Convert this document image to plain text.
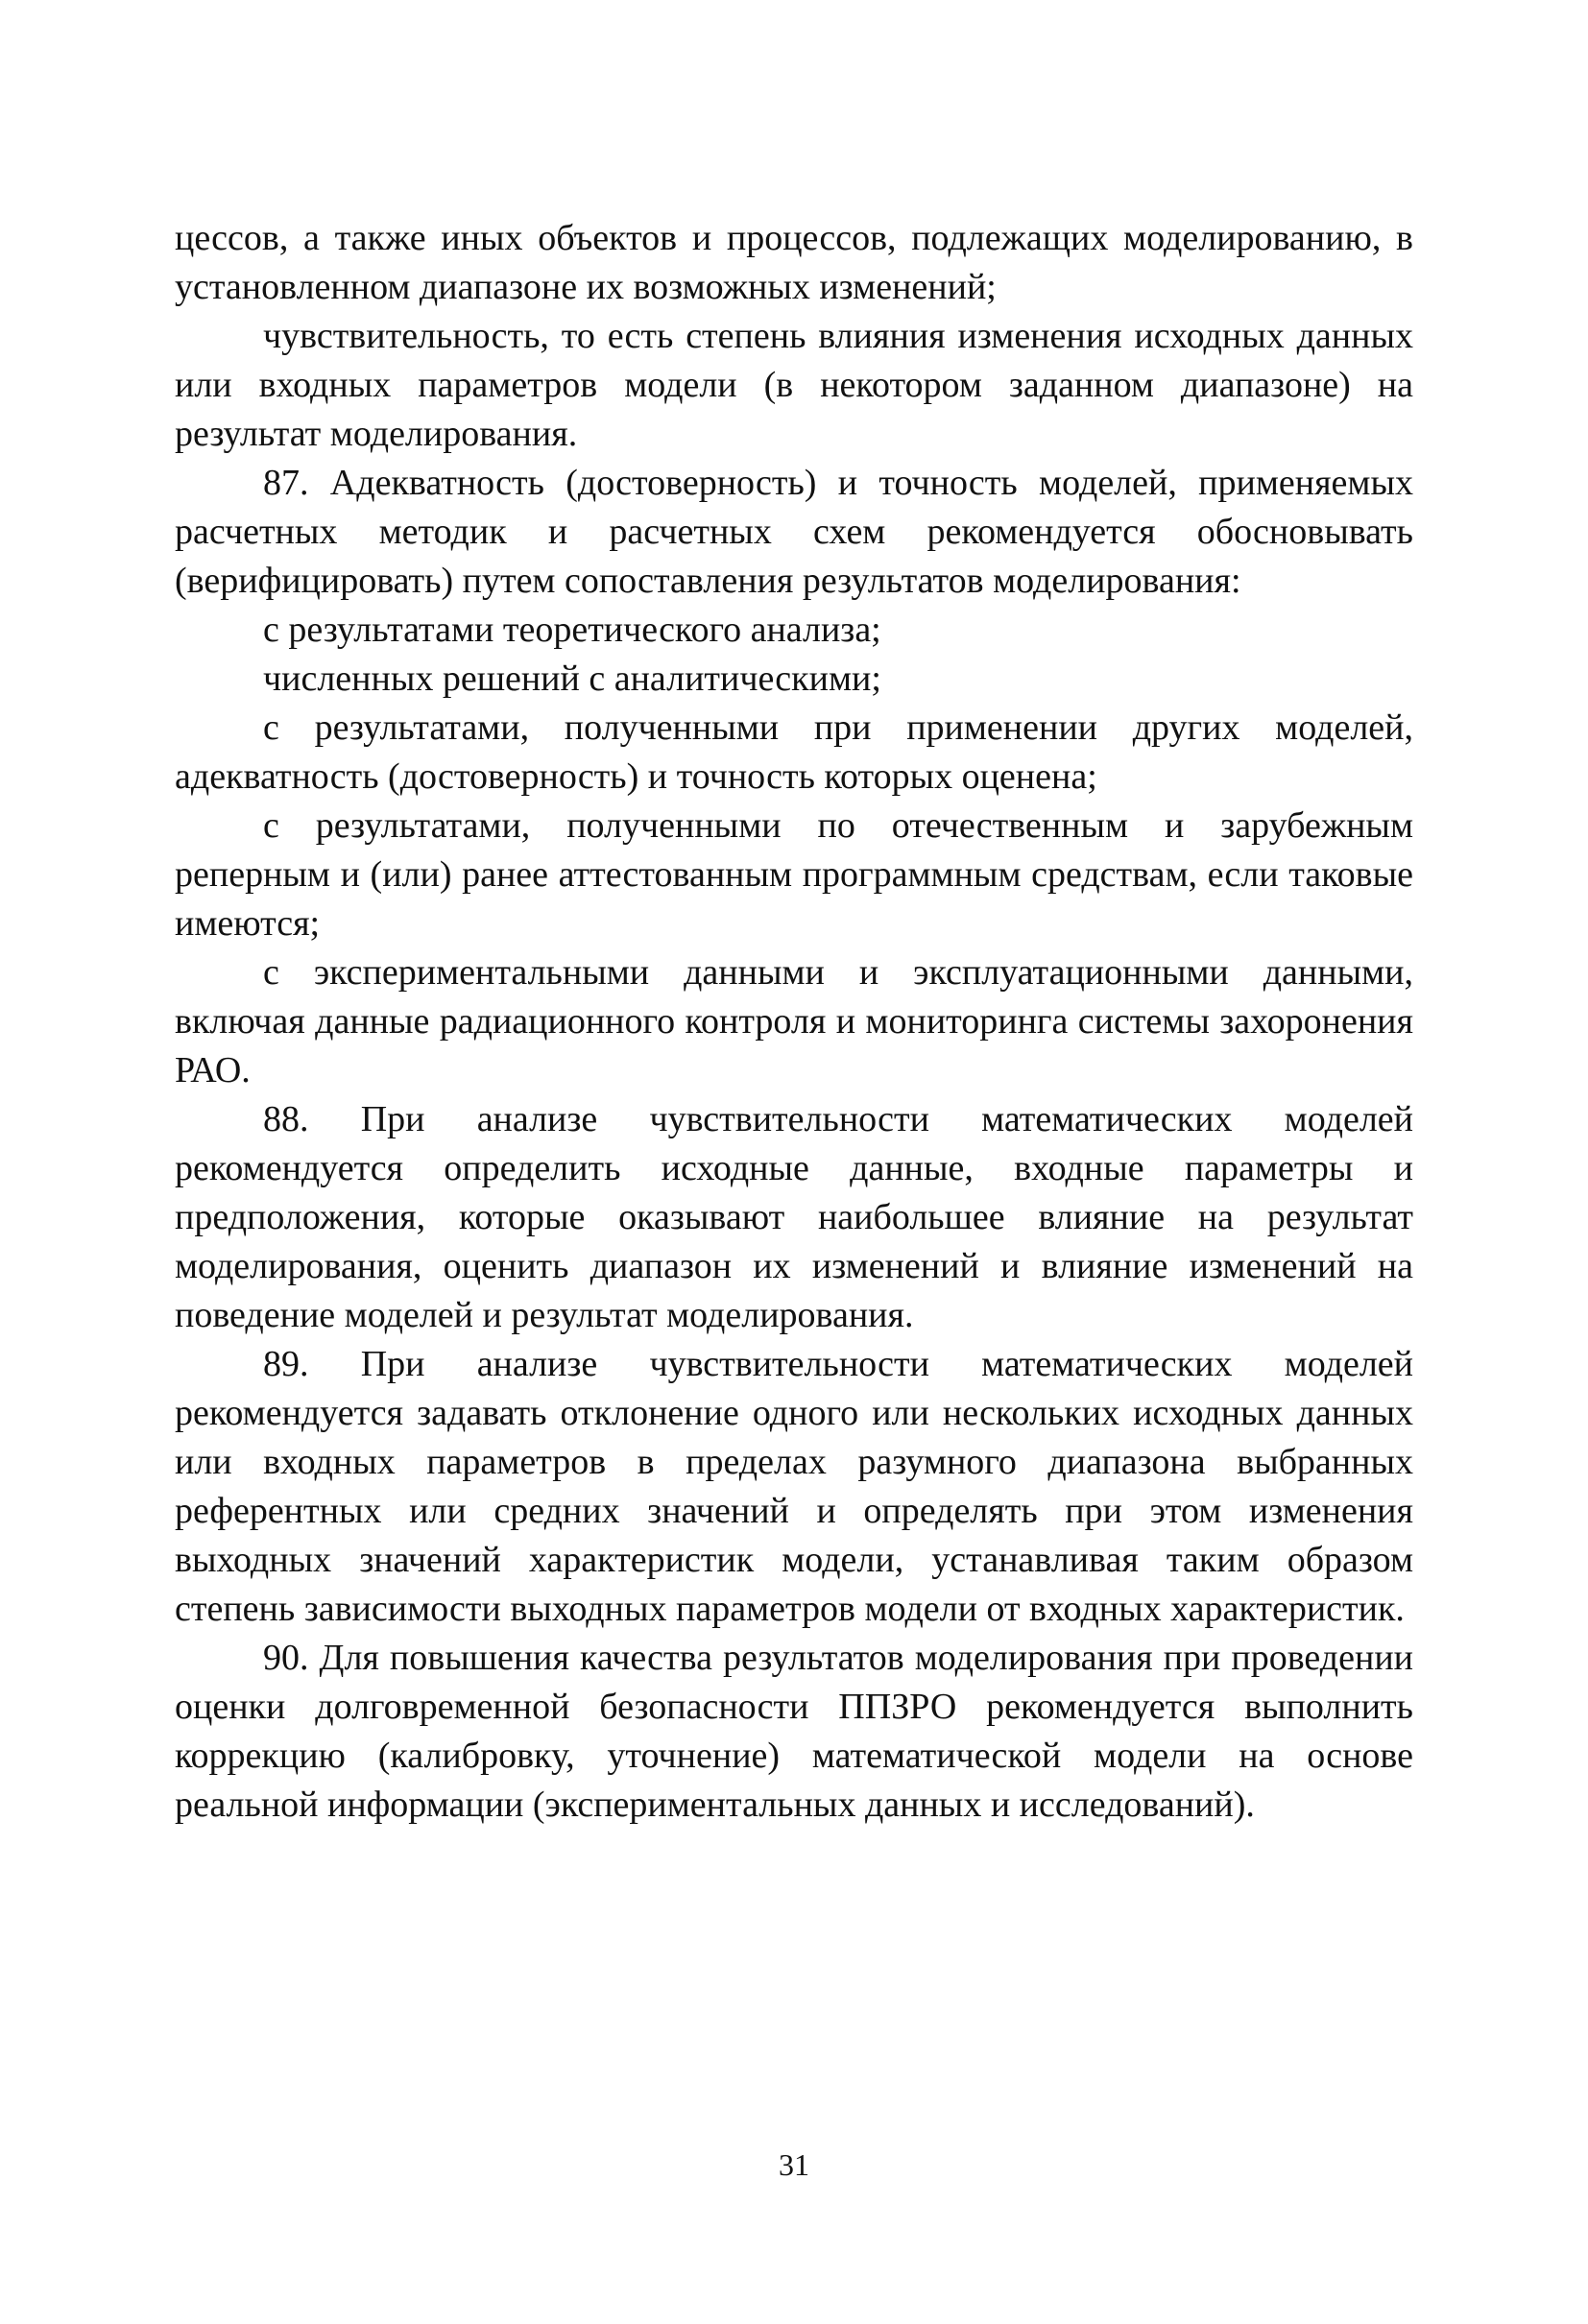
цессов, а также иных объектов и процессов, подлежащих моделированию, в установленном диапазоне их возможных изменений;

чувствительность, то есть степень влияния изменения исходных данных или входных параметров модели (в некотором заданном диапазоне) на результат моделирования.

87. Адекватность (достоверность) и точность моделей, применяемых расчетных методик и расчетных схем рекомендуется обосновывать (верифицировать) путем сопоставления результатов моделирования:

с результатами теоретического анализа;

численных решений с аналитическими;

с результатами, полученными при применении других моделей, адекватность (достоверность) и точность которых оценена;

с результатами, полученными по отечественным и зарубежным реперным и (или) ранее аттестованным программным средствам, если таковые имеются;

с экспериментальными данными и эксплуатационными данными, включая данные радиационного контроля и мониторинга системы захоронения РАО.

88. При анализе чувствительности математических моделей рекомендуется определить исходные данные, входные параметры и предположения, которые оказывают наибольшее влияние на результат моделирования, оценить диапазон их изменений и влияние изменений на поведение моделей и результат моделирования.

89. При анализе чувствительности математических моделей рекомендуется задавать отклонение одного или нескольких исходных данных или входных параметров в пределах разумного диапазона выбранных референтных или средних значений и определять при этом изменения выходных значений характеристик модели, устанавливая таким образом степень зависимости выходных параметров модели от входных характеристик.

90. Для повышения качества результатов моделирования при проведении оценки долговременной безопасности ППЗРО рекомендуется выполнить коррекцию (калибровку, уточнение) математической модели на основе реальной информации (экспериментальных данных и исследований).

31
